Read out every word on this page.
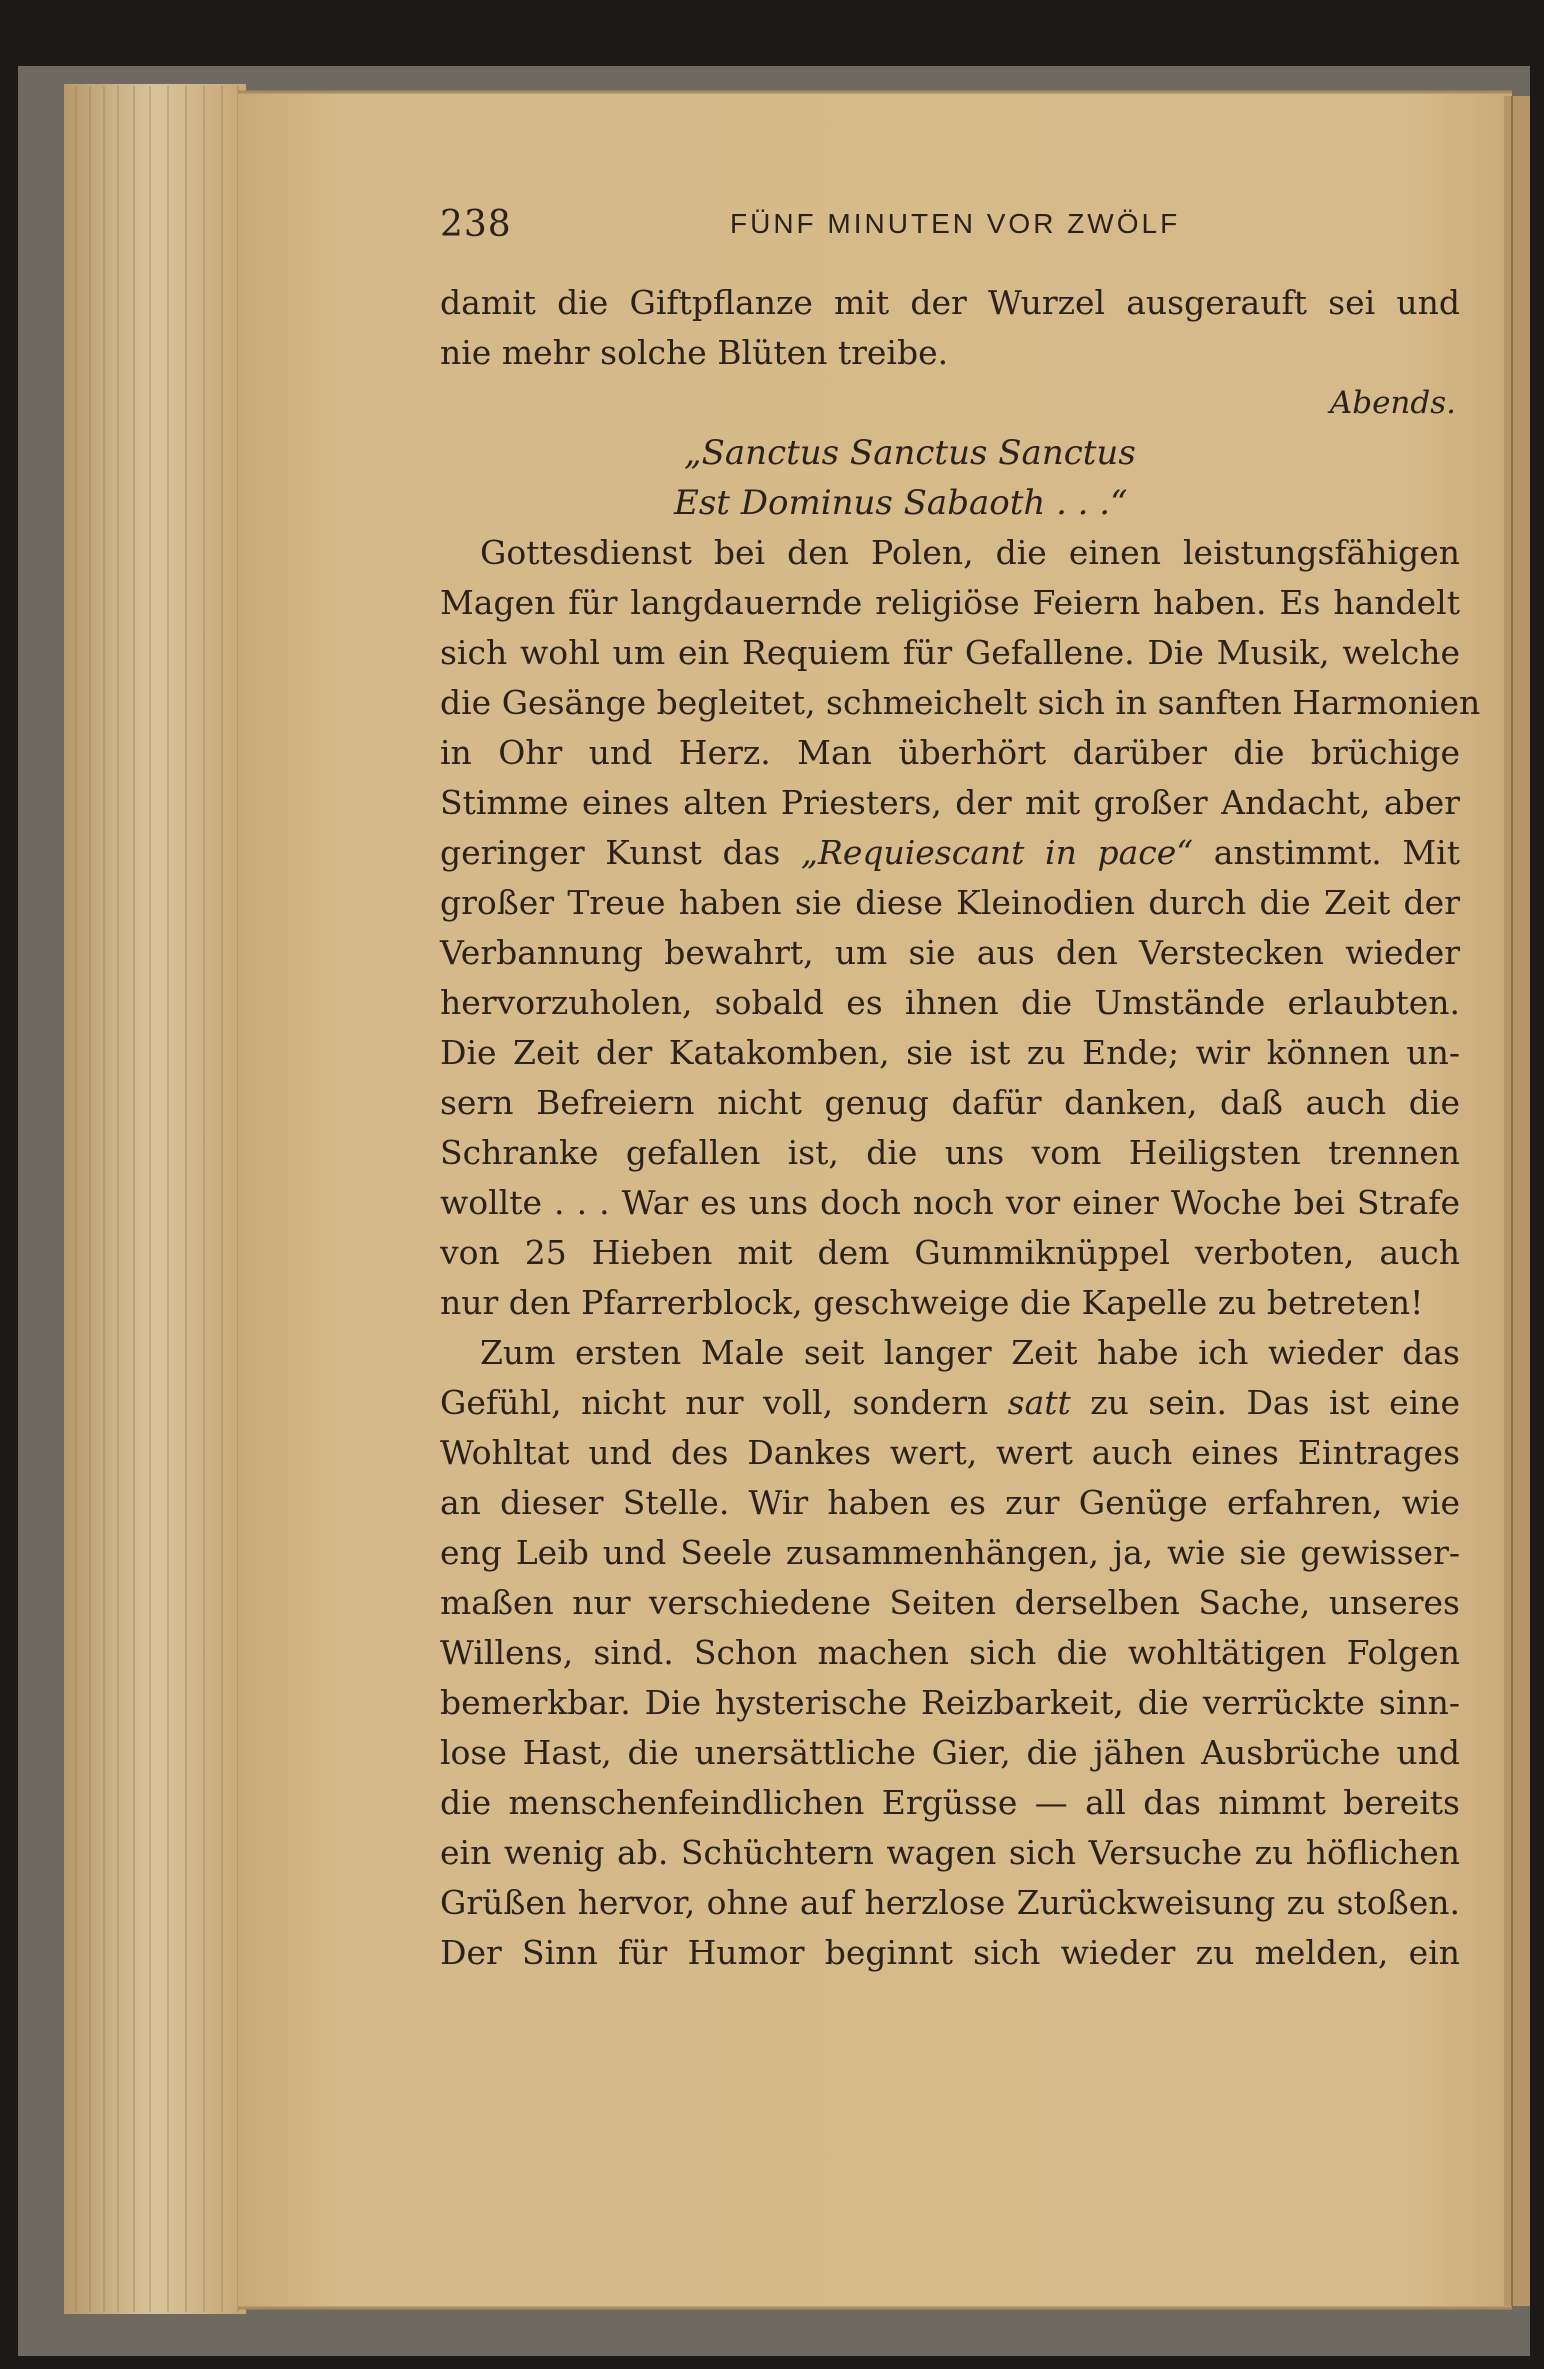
238	FÜNF MINUTEN VOR ZWÖLF
damit die Giftpflanze mit der Wurzel ausgerauft sei und
nie mehr solche Blüten treibe.
Abends.
„Sanctus Sanctus Sanctus
Est Dominus Sabaoth . . .“
Gottesdienst bei den Polen, die einen leistungsfähigen
Magen für langdauernde religiöse Feiern haben. Es handelt
sich wohl um ein Requiem für Gefallene. Die Musik, welche
die Gesänge begleitet, schmeichelt sich in sanften Harmonien
in Ohr und Herz. Man überhört darüber die brüchige
Stimme eines alten Priesters, der mit großer Andacht, aber
geringer Kunst das „Requiescant in pace“ anstimmt. Mit
großer Treue haben sie diese Kleinodien durch die Zeit der
Verbannung bewahrt, um sie aus den Verstecken wieder
hervorzuholen, sobald es ihnen die Umstände erlaubten.
Die Zeit der Katakomben, sie ist zu Ende; wir können un-
sern Befreiern nicht genug dafür danken, daß auch die
Schranke gefallen ist, die uns vom Heiligsten trennen
wollte . . . War es uns doch noch vor einer Woche bei Strafe
von 25 Hieben mit dem Gummiknüppel verboten, auch
nur den Pfarrerblock, geschweige die Kapelle zu betreten!
Zum ersten Male seit langer Zeit habe ich wieder das
Gefühl, nicht nur voll, sondern satt zu sein. Das ist eine
Wohltat und des Dankes wert, wert auch eines Eintrages
an dieser Stelle. Wir haben es zur Genüge erfahren, wie
eng Leib und Seele zusammenhängen, ja, wie sie gewisser-
maßen nur verschiedene Seiten derselben Sache, unseres
Willens, sind. Schon machen sich die wohltätigen Folgen
bemerkbar. Die hysterische Reizbarkeit, die verrückte sinn-
lose Hast, die unersättliche Gier, die jähen Ausbrüche und
die menschenfeindlichen Ergüsse — all das nimmt bereits
ein wenig ab. Schüchtern wagen sich Versuche zu höflichen
Grüßen hervor, ohne auf herzlose Zurückweisung zu stoßen.
Der Sinn für Humor beginnt sich wieder zu melden, ein
